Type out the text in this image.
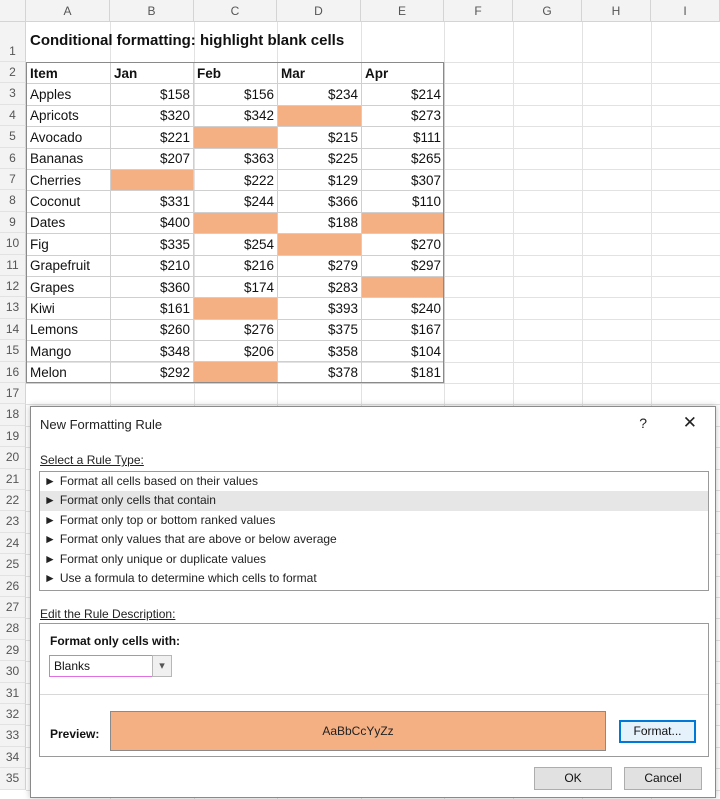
A	B	C	D	E	F	G	H	I
1
2
3
4
5
6
7
8
9
10
11
12
13
14
15
16
17
18
19
20
21
22
23
24
25
26
27
28
29
30
31
32
33
34
35
Conditional formatting: highlight blank cells
Item	Jan	Feb	Mar	Apr
Apples	$158	$156	$234	$214
Apricots	$320	$342		$273
Avocado	$221		$215	$111
Bananas	$207	$363	$225	$265
Cherries		$222	$129	$307
Coconut	$331	$244	$366	$110
Dates	$400		$188	
Fig	$335	$254		$270
Grapefruit	$210	$216	$279	$297
Grapes	$360	$174	$283	
Kiwi	$161		$393	$240
Lemons	$260	$276	$375	$167
Mango	$348	$206	$358	$104
Melon	$292		$378	$181
New Formatting Rule	? ✕
Select a Rule Type:
► Format all cells based on their values
► Format only cells that contain
► Format only top or bottom ranked values
► Format only values that are above or below average
► Format only unique or duplicate values
► Use a formula to determine which cells to format
Edit the Rule Description:
Format only cells with:
Blanks	▾
Preview:	AaBbCcYyZz	Format...
OK	Cancel
